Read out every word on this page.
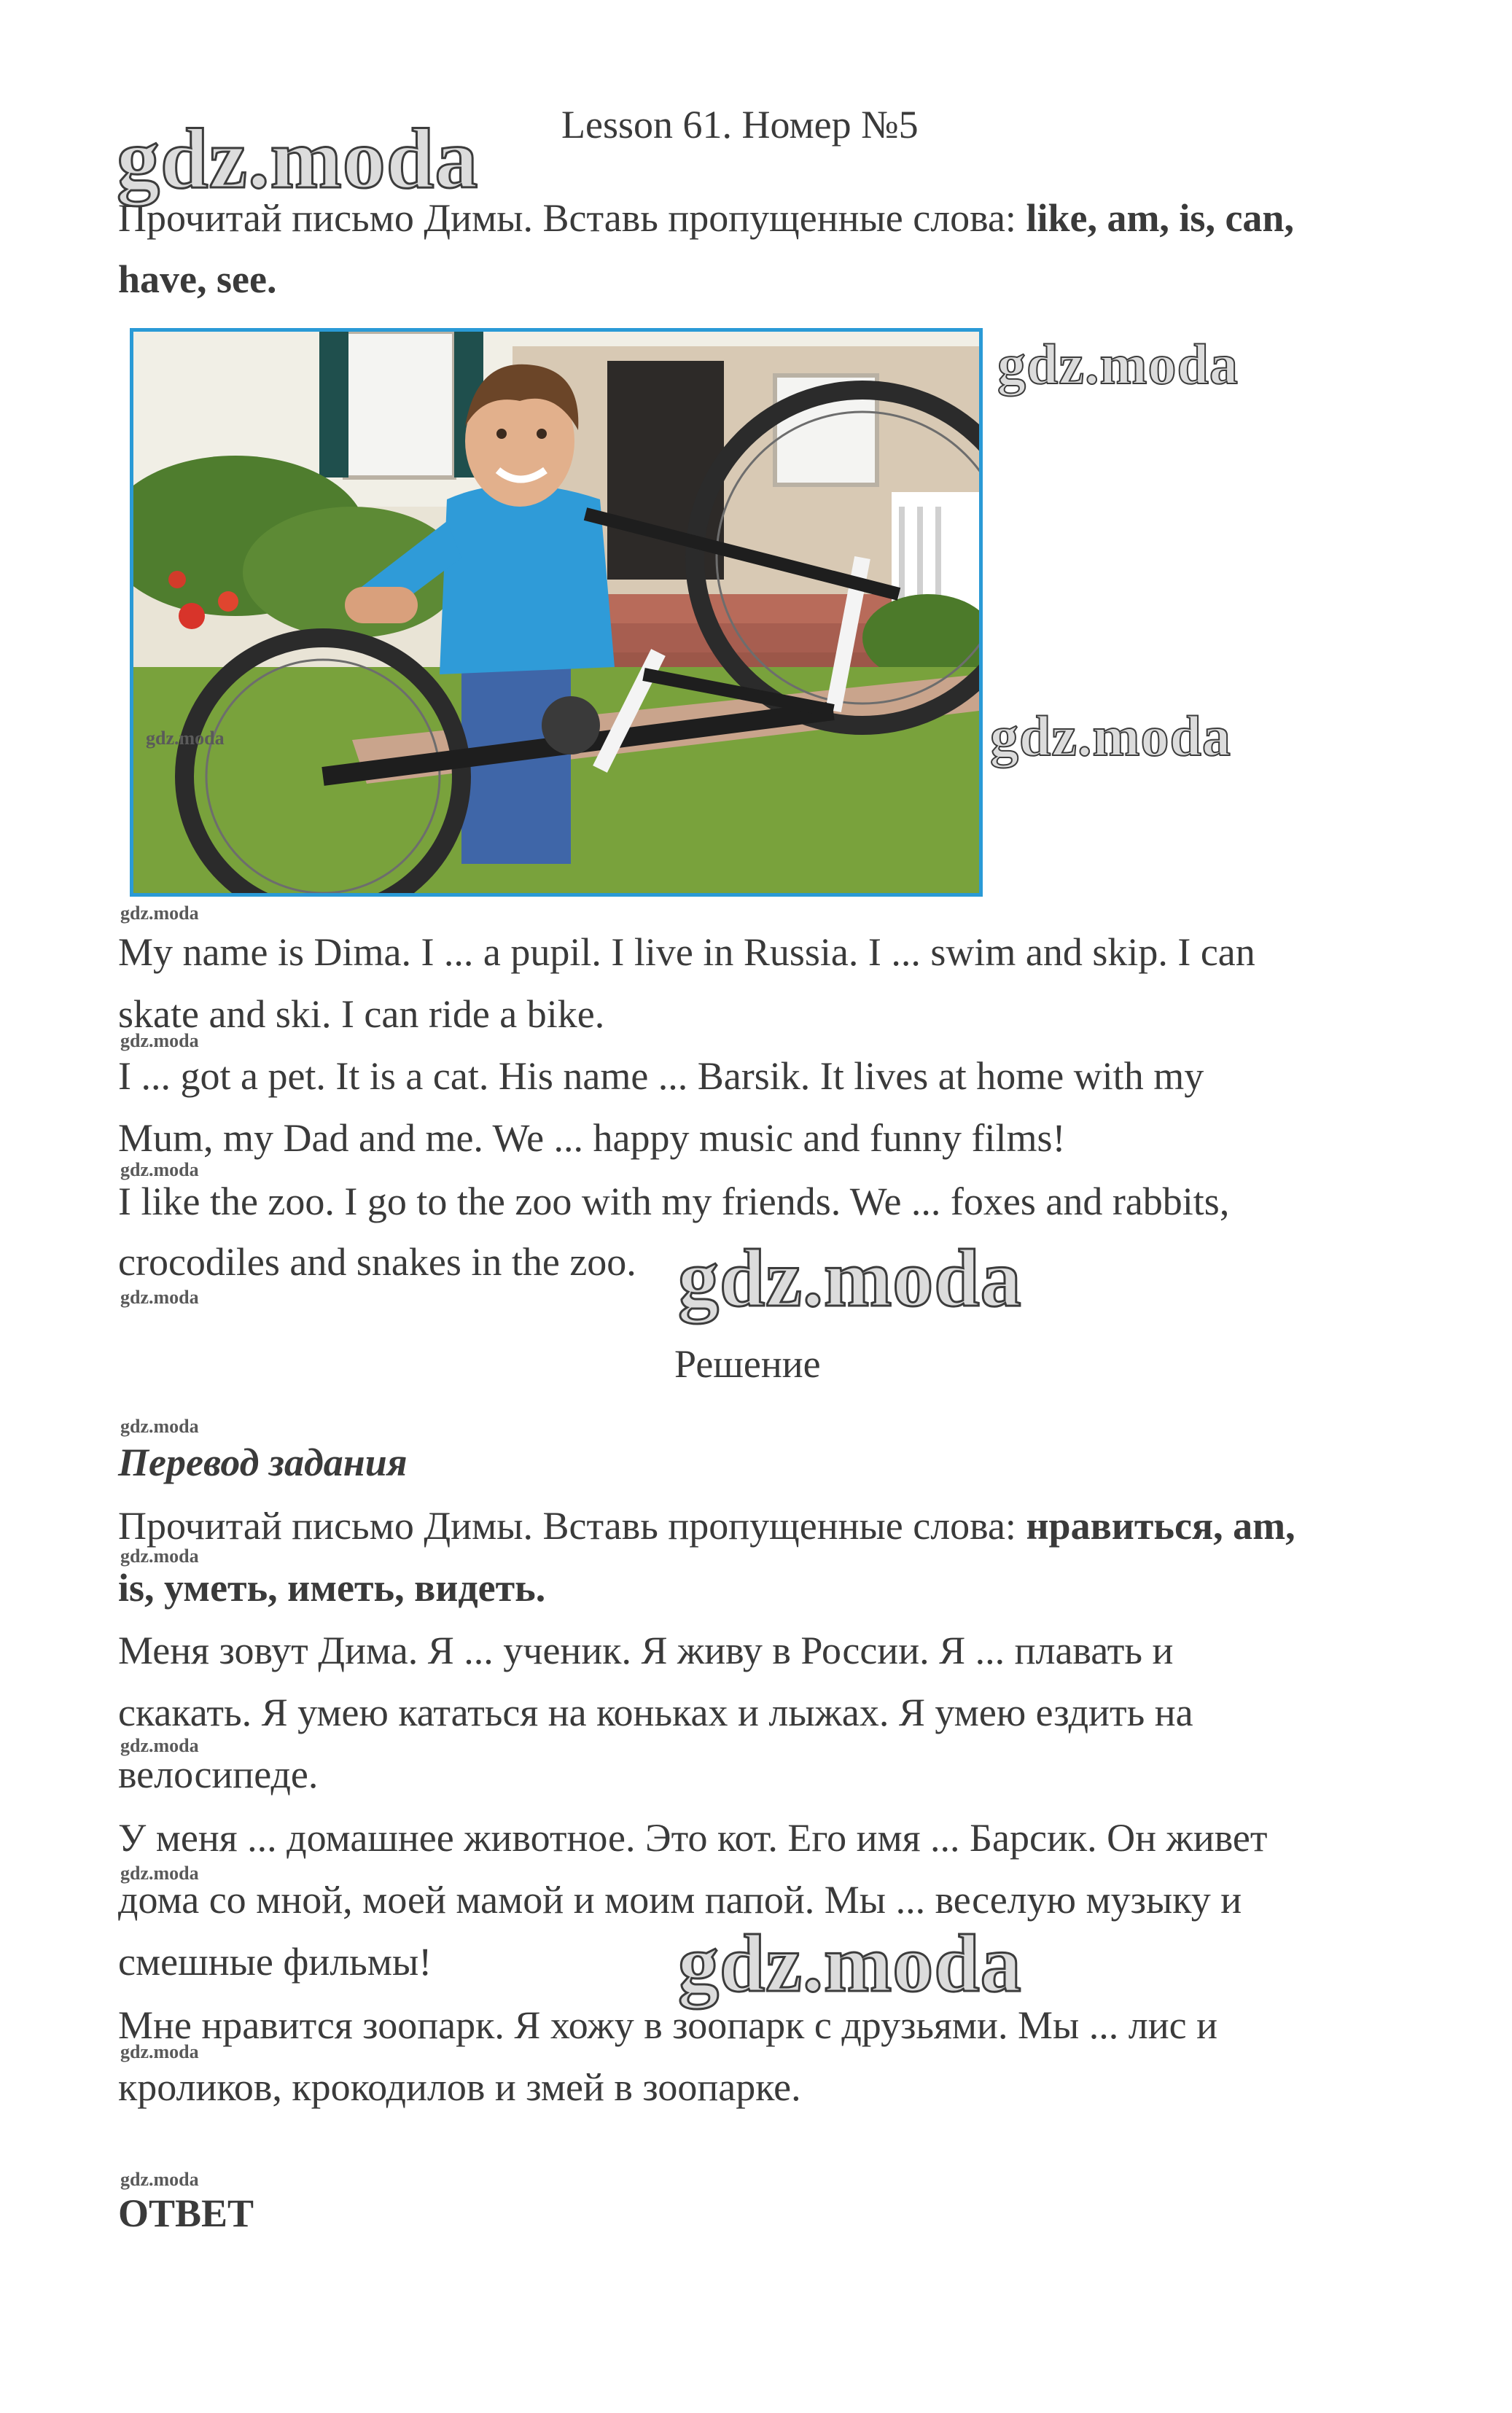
gdz.moda
gdz.moda
gdz.moda
gdz.moda
gdz.moda
Lesson 61. Номер №5
Прочитай письмо Димы. Вставь пропущенные слова: like, am, is, can,
have, see.
gdz.moda
gdz.moda
My name is Dima. I ... a pupil. I live in Russia. I ... swim and skip. I can
skate and ski. I can ride a bike.
gdz.moda
I ... got a pet. It is a cat. His name ... Barsik. It lives at home with my
Mum, my Dad and me. We ... happy music and funny films!
gdz.moda
I like the zoo. I go to the zoo with my friends. We ... foxes and rabbits,
crocodiles and snakes in the zoo.
gdz.moda
Решение
gdz.moda
Перевод задания
Прочитай письмо Димы. Вставь пропущенные слова: нравиться, am,
gdz.moda
is, уметь, иметь, видеть.
Меня зовут Дима. Я ... ученик. Я живу в России. Я ... плавать и
скакать. Я умею кататься на коньках и лыжах. Я умею ездить на
gdz.moda
велосипеде.
У меня ... домашнее животное. Это кот. Его имя ... Барсик. Он живет
gdz.moda
дома со мной, моей мамой и моим папой. Мы ... веселую музыку и
смешные фильмы!
Мне нравится зоопарк. Я хожу в зоопарк с друзьями. Мы ... лис и
gdz.moda
кроликов, крокодилов и змей в зоопарке.
gdz.moda
ОТВЕТ
